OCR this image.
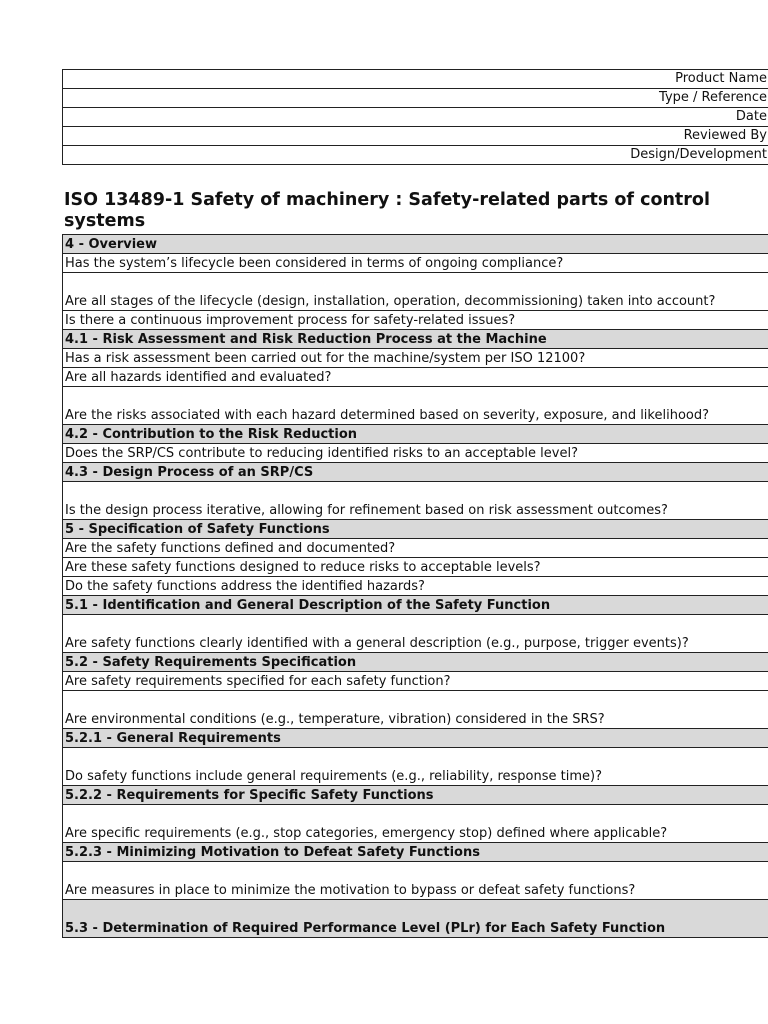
Product Name
Type / Reference
Date
Reviewed By
Design/Development
ISO 13489-1 Safety of machinery : Safety-related parts of control systems
4 - Overview
Has the system’s lifecycle been considered in terms of ongoing compliance?
Are all stages of the lifecycle (design, installation, operation, decommissioning) taken into account?
Is there a continuous improvement process for safety-related issues?
4.1 - Risk Assessment and Risk Reduction Process at the Machine
Has a risk assessment been carried out for the machine/system per ISO 12100?
Are all hazards identified and evaluated?
Are the risks associated with each hazard determined based on severity, exposure, and likelihood?
4.2 - Contribution to the Risk Reduction
Does the SRP/CS contribute to reducing identified risks to an acceptable level?
4.3 - Design Process of an SRP/CS
Is the design process iterative, allowing for refinement based on risk assessment outcomes?
5 - Specification of Safety Functions
Are the safety functions defined and documented?
Are these safety functions designed to reduce risks to acceptable levels?
Do the safety functions address the identified hazards?
5.1 - Identification and General Description of the Safety Function
Are safety functions clearly identified with a general description (e.g., purpose, trigger events)?
5.2 - Safety Requirements Specification
Are safety requirements specified for each safety function?
Are environmental conditions (e.g., temperature, vibration) considered in the SRS?
5.2.1 - General Requirements
Do safety functions include general requirements (e.g., reliability, response time)?
5.2.2 - Requirements for Specific Safety Functions
Are specific requirements (e.g., stop categories, emergency stop) defined where applicable?
5.2.3 - Minimizing Motivation to Defeat Safety Functions
Are measures in place to minimize the motivation to bypass or defeat safety functions?
5.3 - Determination of Required Performance Level (PLr) for Each Safety Function
